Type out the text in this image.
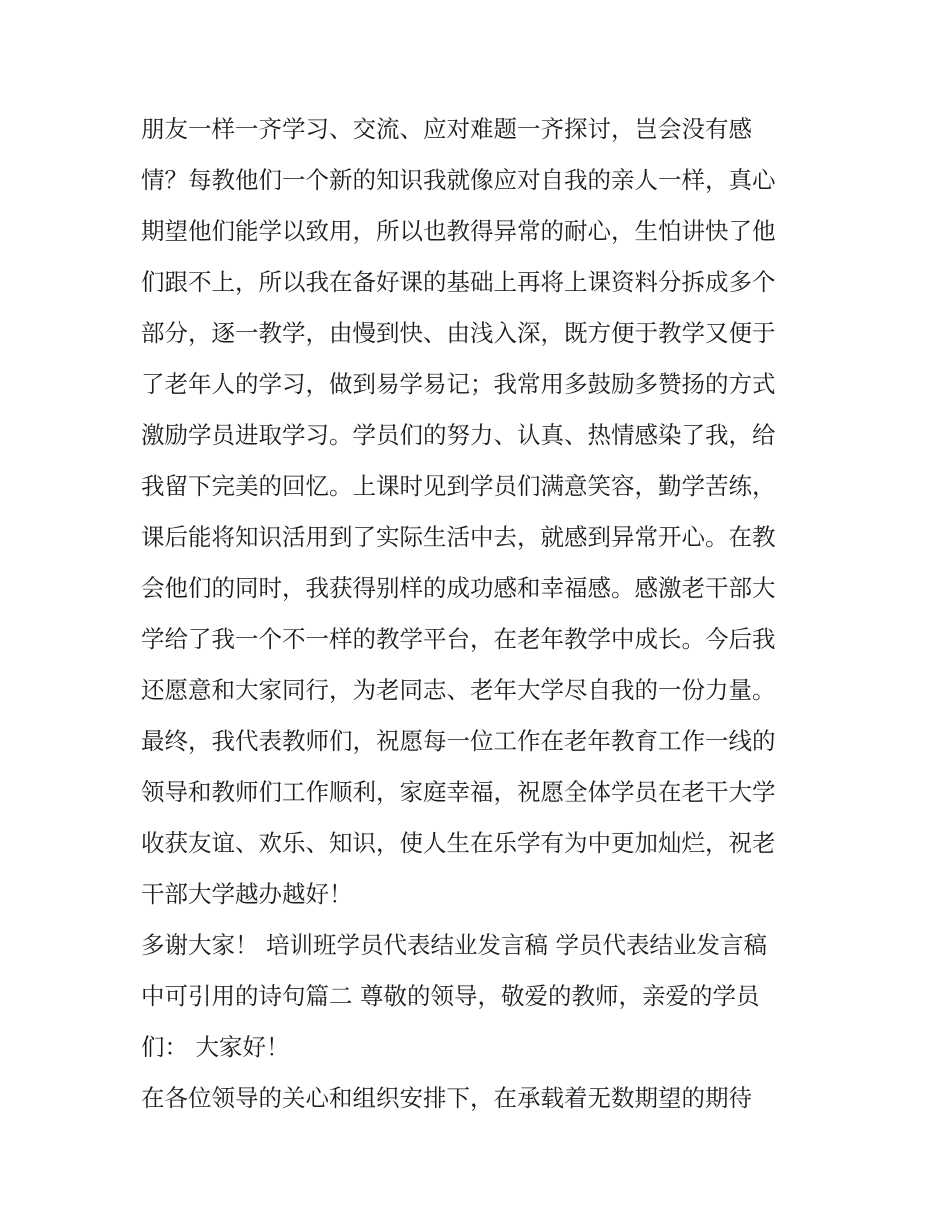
朋友一样一齐学习、交流、应对难题一齐探讨，岂会没有感
情？每教他们一个新的知识我就像应对自我的亲人一样，真心
期望他们能学以致用，所以也教得异常的耐心，生怕讲快了他
们跟不上，所以我在备好课的基础上再将上课资料分拆成多个
部分，逐一教学，由慢到快、由浅入深，既方便于教学又便于
了老年人的学习，做到易学易记；我常用多鼓励多赞扬的方式
激励学员进取学习。学员们的努力、认真、热情感染了我，给
我留下完美的回忆。上课时见到学员们满意笑容，勤学苦练，
课后能将知识活用到了实际生活中去，就感到异常开心。在教
会他们的同时，我获得别样的成功感和幸福感。感激老干部大
学给了我一个不一样的教学平台，在老年教学中成长。今后我
还愿意和大家同行，为老同志、老年大学尽自我的一份力量。
最终，我代表教师们，祝愿每一位工作在老年教育工作一线的
领导和教师们工作顺利，家庭幸福，祝愿全体学员在老干大学
收获友谊、欢乐、知识，使人生在乐学有为中更加灿烂，祝老
干部大学越办越好！
多谢大家！ 培训班学员代表结业发言稿 学员代表结业发言稿
中可引用的诗句篇二 尊敬的领导，敬爱的教师，亲爱的学员
们： 大家好！
在各位领导的关心和组织安排下，在承载着无数期望的期待
